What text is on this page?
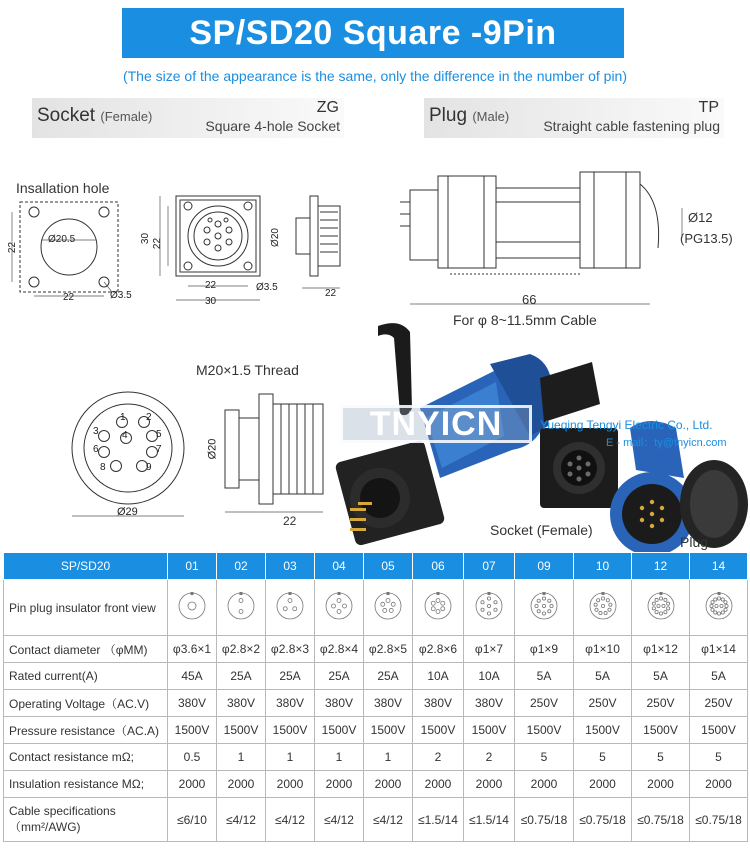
SP/SD20 Square -9Pin
(The size of the appearance is the same, only the difference in the number of pin)
Socket (Female)
ZG
Square 4-hole Socket	Plug (Male)
TP
Straight cable fastening plug
Insallation hole
Ø20.5
22
22	Ø3.5
30 22
22
30
Ø3.5
Ø20
22
Ø12
(PG13.5)
66
For φ 8~11.5mm Cable
M20×1.5 Thread
Ø29
1 2
3 4	5
6	7
8	9
Ø20
22
TNYICN	Yueqing Tengyi Electric Co., Ltd.
E - mail：ty@tnyicn.com
Socket (Female)
Plug
SP/SD20	01	02	03	04	05	06	07	09	10	12	14
Pin plug insulator front view											
Contact diameter （φMM)	φ3.6×1	φ2.8×2	φ2.8×3	φ2.8×4	φ2.8×5	φ2.8×6	φ1×7	φ1×9	φ1×10	φ1×12	φ1×14
Rated current(A)	45A	25A	25A	25A	25A	10A	10A	5A	5A	5A	5A
Operating Voltage（AC.V)	380V	380V	380V	380V	380V	380V	380V	250V	250V	250V	250V
Pressure resistance（AC.A)	1500V	1500V	1500V	1500V	1500V	1500V	1500V	1500V	1500V	1500V	1500V
Contact resistance mΩ;	0.5	1	1	1	1	2	2	5	5	5	5
Insulation resistance MΩ;	2000	2000	2000	2000	2000	2000	2000	2000	2000	2000	2000
Cable specifications（mm²/AWG)	≤6/10	≤4/12	≤4/12	≤4/12	≤4/12	≤1.5/14	≤1.5/14	≤0.75/18	≤0.75/18	≤0.75/18	≤0.75/18
